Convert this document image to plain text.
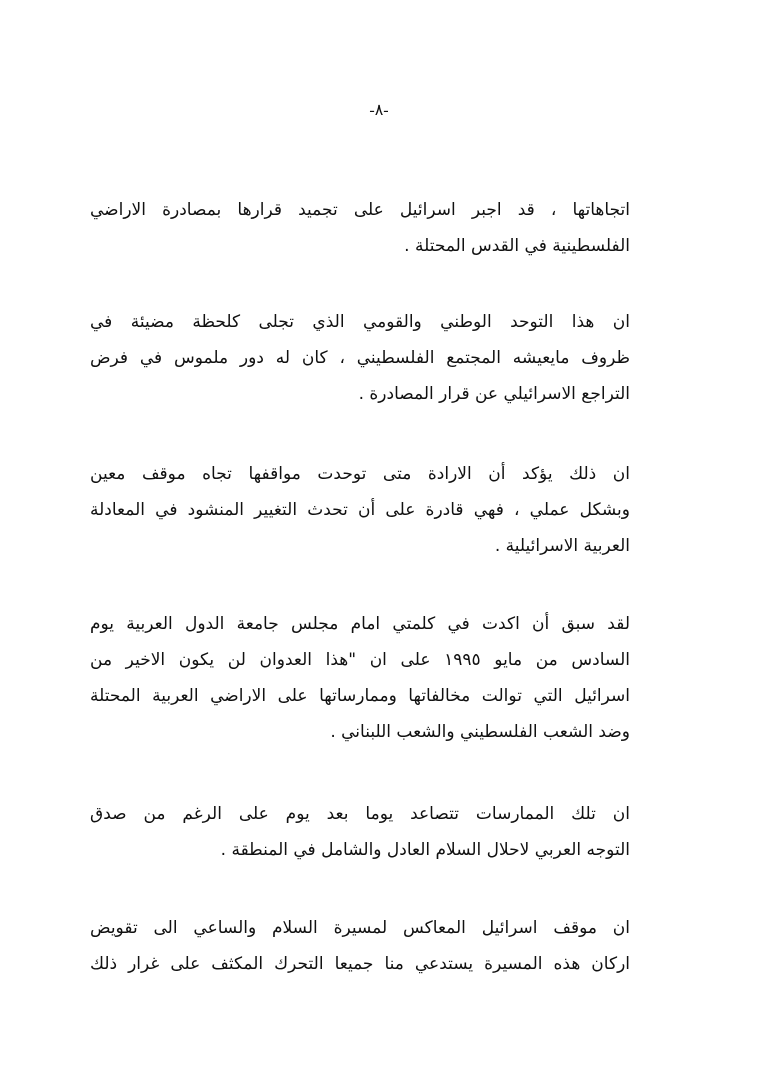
-٨-

اتجاهاتها ، قد اجبر اسرائيل على تجميد قرارها بمصادرة الاراضي
الفلسطينية في القدس المحتلة .

ان هذا التوحد الوطني والقومي الذي تجلى كلحظة مضيئة في
ظروف مايعيشه المجتمع الفلسطيني ، كان له دور ملموس في فرض
التراجع الاسرائيلي عن قرار المصادرة .

ان ذلك يؤكد أن الارادة متى توحدت مواقفها تجاه موقف معين
وبشكل عملي ، فهي قادرة على أن تحدث التغيير المنشود في المعادلة
العربية الاسرائيلية .

لقد سبق أن اكدت في كلمتي امام مجلس جامعة الدول العربية يوم
السادس من مايو ١٩٩٥ على ان "هذا العدوان لن يكون الاخير من
اسرائيل التي توالت مخالفاتها وممارساتها على الاراضي العربية المحتلة
وضد الشعب الفلسطيني والشعب اللبناني .

ان تلك الممارسات تتصاعد يوما بعد يوم على الرغم من صدق
التوجه العربي لاحلال السلام العادل والشامل في المنطقة .

ان موقف اسرائيل المعاكس لمسيرة السلام والساعي الى تقويض
اركان هذه المسيرة يستدعي منا جميعا التحرك المكثف على غرار ذلك
